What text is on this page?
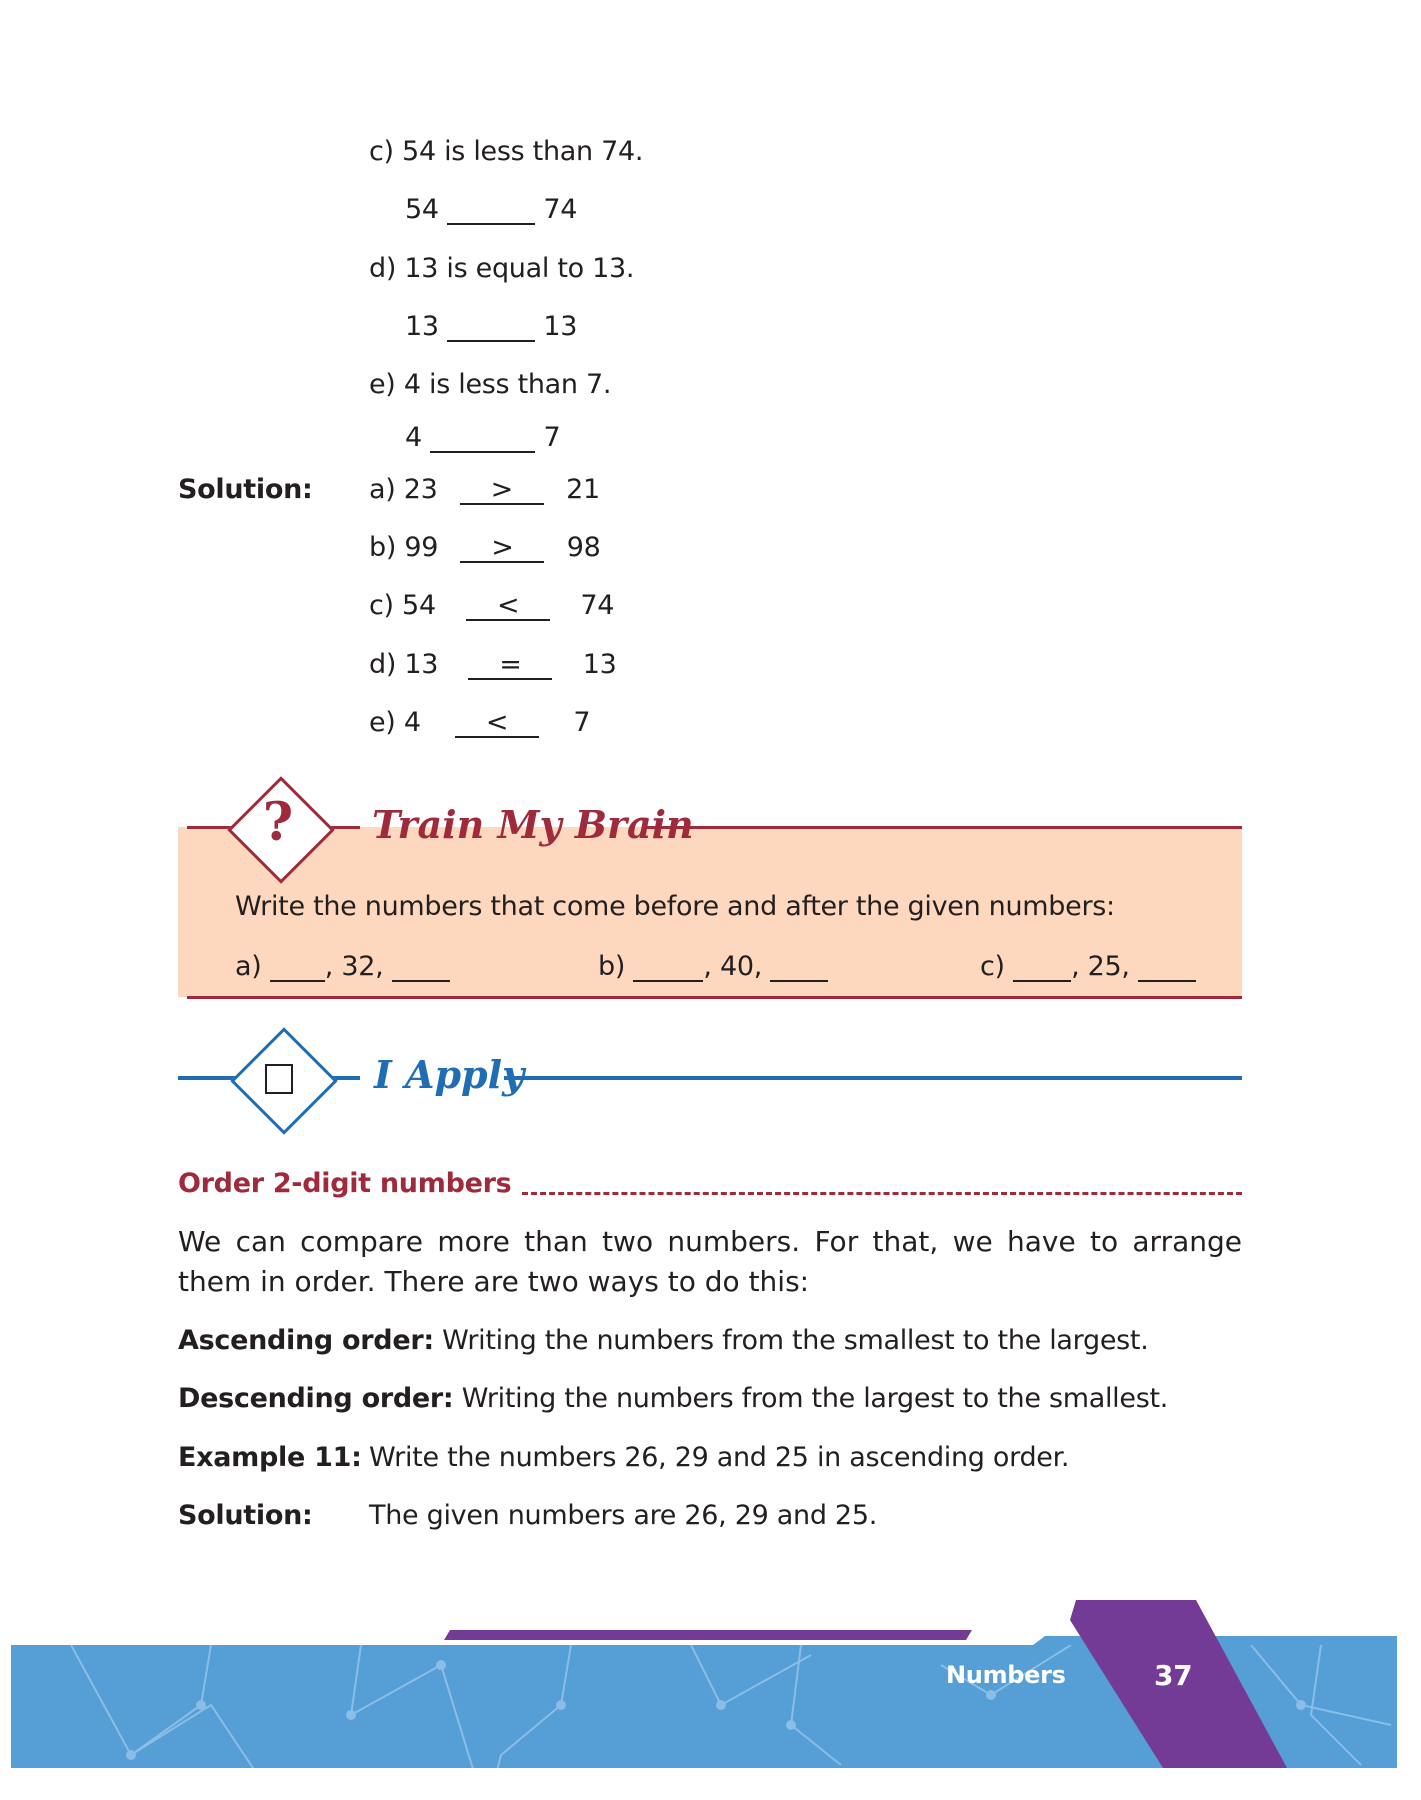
c) 54 is less than 74.
54	74
d) 13 is equal to 13.
13	13
e) 4 is less than 7.
4	7
Solution: a) 23 > 21
b) 99 > 98
c) 54 < 74
d) 13 = 13
e) 4 < 7
? Train My Brain
Write the numbers that come before and after the given numbers:
a) , 32,	b)	, 40,	c) , 25,
I Apply
Order 2-digit numbers
We can compare more than two numbers. For that, we have to arrange them in order. There are two ways to do this:
Ascending order: Writing the numbers from the smallest to the largest.
Descending order: Writing the numbers from the largest to the smallest.
Example 11: Write the numbers 26, 29 and 25 in ascending order.
Solution: The given numbers are 26, 29 and 25.
Numbers	37
